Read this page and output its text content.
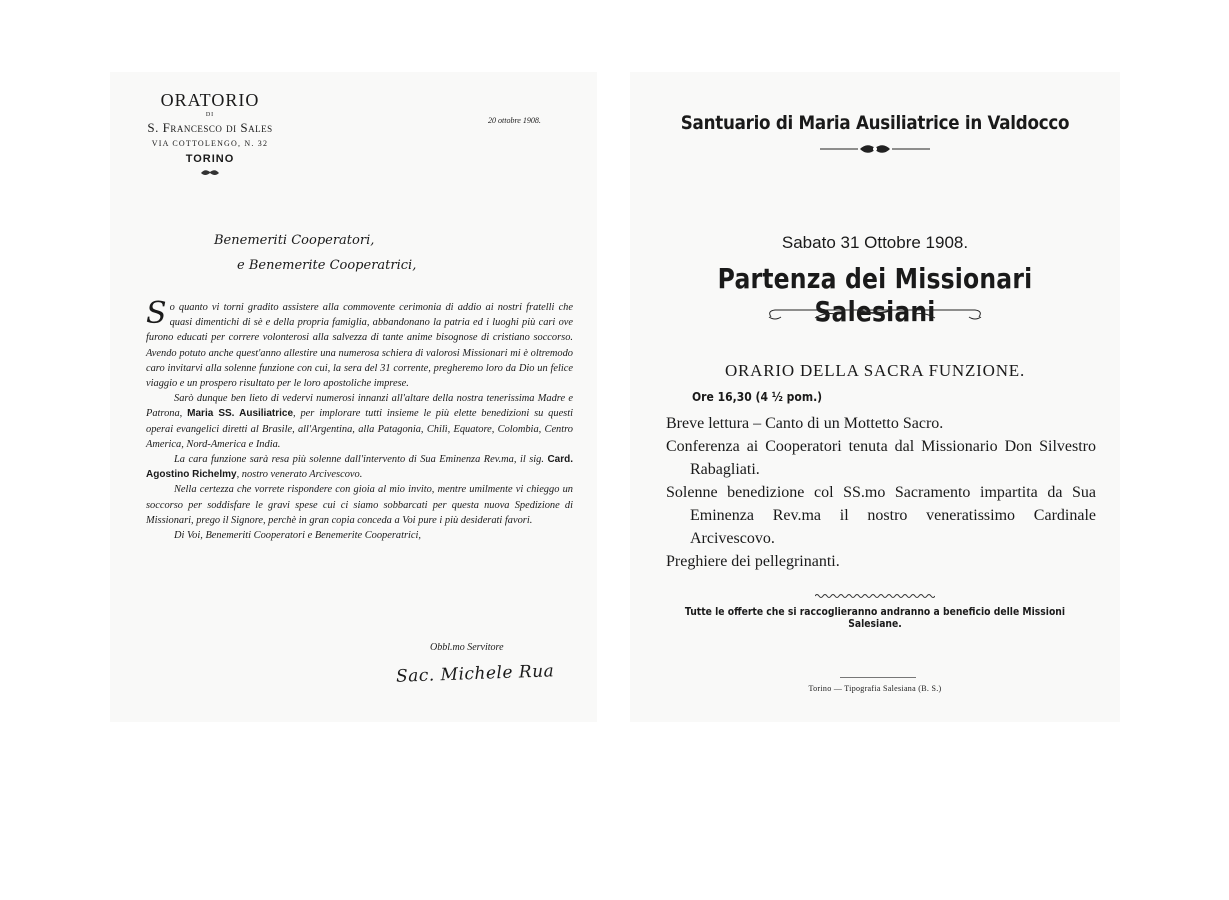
ORATORIO
DI
S. Francesco di Sales
VIA COTTOLENGO, N. 32
TORINO
20 ottobre 1908.
Benemeriti Cooperatori,
e Benemerite Cooperatrici,

So quanto vi torni gradito assistere alla commovente cerimonia di addio ai nostri fratelli che quasi dimentichi di sè e della propria famiglia, abbandonano la patria ed i luoghi più cari ove furono educati per correre volonterosi alla salvezza di tante anime bisognose di cristiano soccorso. Avendo potuto anche quest'anno allestire una numerosa schiera di valorosi Missionari mi è oltremodo caro invitarvi alla solenne funzione con cui, la sera del 31 corrente, pregheremo loro da Dio un felice viaggio e un prospero risultato per le loro apostoliche imprese.

Sarò dunque ben lieto di vedervi numerosi innanzi all'altare della nostra tenerissima Madre e Patrona, Maria SS. Ausiliatrice, per implorare tutti insieme le più elette benedizioni su questi operai evangelici diretti al Brasile, all'Argentina, alla Patagonia, Chilì, Equatore, Colombia, Centro America, Nord-America e India.

La cara funzione sarà resa più solenne dall'intervento di Sua Eminenza Rev.ma, il sig. Card. Agostino Richelmy, nostro venerato Arcivescovo.

Nella certezza che vorrete rispondere con gioia al mio invito, mentre umilmente vi chieggo un soccorso per soddisfare le gravi spese cui ci siamo sobbarcati per questa nuova Spedizione di Missionari, prego il Signore, perchè in gran copia conceda a Voi pure i più desiderati favori.

Di Voi, Benemeriti Cooperatori e Benemerite Cooperatrici,

Obbl.mo Servitore
Sac. Michele Rua
Santuario di Maria Ausiliatrice in Valdocco
Sabato 31 Ottobre 1908.
Partenza dei Missionari Salesiani
ORARIO DELLA SACRA FUNZIONE.
Ore 16,30 (4 ½ pom.)
Breve lettura – Canto di un Mottetto Sacro.
Conferenza ai Cooperatori tenuta dal Missionario Don Silvestro Rabagliati.
Solenne benedizione col SS.mo Sacramento impartita da Sua Eminenza Rev.ma il nostro veneratissimo Cardinale Arcivescovo.
Preghiere dei pellegrinanti.
Tutte le offerte che si raccoglieranno andranno a beneficio delle Missioni Salesiane.
Torino — Tipografia Salesiana (B. S.)
